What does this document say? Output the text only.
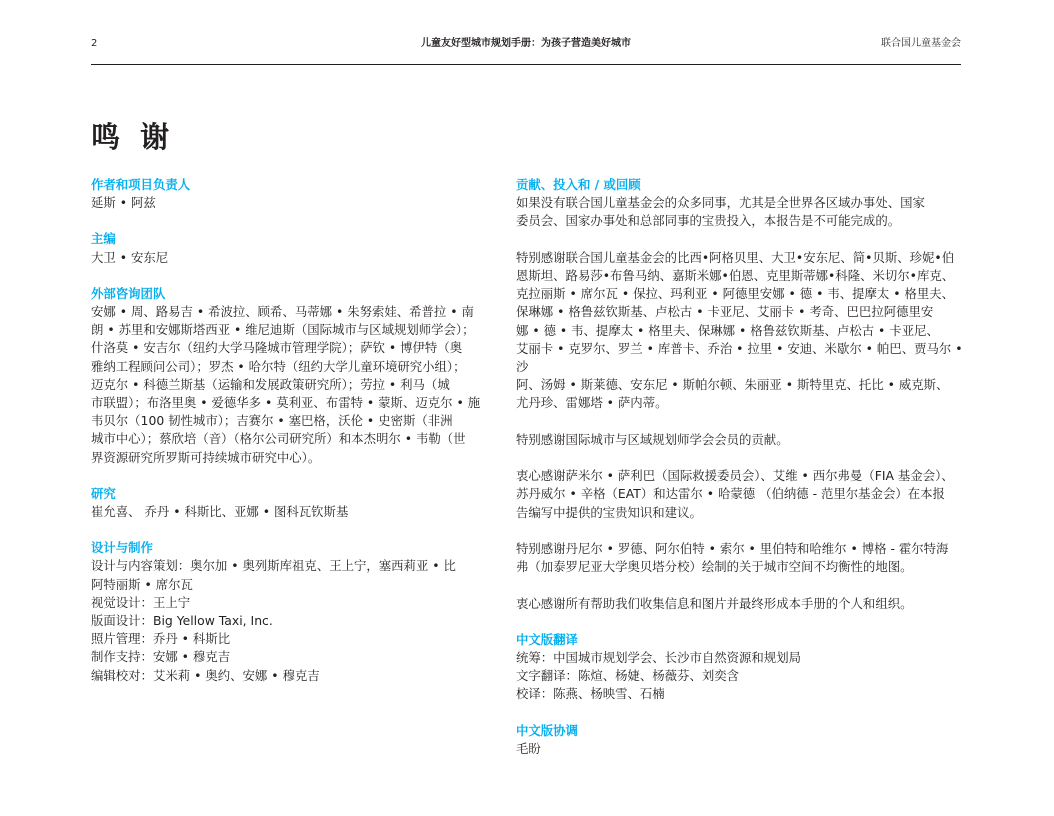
2	儿童友好型城市规划手册：为孩子营造美好城市	联合国儿童基金会
鸣 谢
作者和项目负责人

延斯 • 阿兹

主编

大卫 • 安东尼

外部咨询团队

安娜 • 周、路易吉 • 希波拉、顾希、马蒂娜 • 朱努索娃、希普拉 • 南

朗 • 苏里和安娜斯塔西亚 • 维尼迪斯（国际城市与区域规划师学会）；

什洛莫 • 安吉尔（纽约大学马隆城市管理学院）；萨钦 • 博伊特（奥

雅纳工程顾问公司）；罗杰 • 哈尔特（纽约大学儿童环境研究小组）；

迈克尔 • 科德兰斯基（运输和发展政策研究所）；劳拉 • 利马（城

市联盟）；布洛里奥 • 爱德华多 • 莫利亚、布雷特 • 蒙斯、迈克尔 • 施

韦贝尔（100 韧性城市）；吉赛尔 • 塞巴格，沃伦 • 史密斯（非洲

城市中心）；蔡欣培（音）（格尔公司研究所）和本杰明尔 • 韦勒（世

界资源研究所罗斯可持续城市研究中心）。

研究

崔允喜、 乔丹 • 科斯比、亚娜 • 图科瓦钦斯基

设计与制作

设计与内容策划：奥尔加 • 奥列斯库祖克、王上宁，塞西莉亚 • 比

阿特丽斯 • 席尔瓦

视觉设计：王上宁

版面设计：Big Yellow Taxi, Inc.

照片管理：乔丹 • 科斯比

制作支持：安娜 • 穆克吉

编辑校对：艾米莉 • 奥约、安娜 • 穆克吉

贡献、投入和 / 或回顾

如果没有联合国儿童基金会的众多同事，尤其是全世界各区域办事处、国家

委员会、国家办事处和总部同事的宝贵投入，本报告是不可能完成的。

特别感谢联合国儿童基金会的比西•阿格贝里、大卫•安东尼、简•贝斯、珍妮•伯

恩斯坦、路易莎•布鲁马纳、嘉斯米娜•伯恩、克里斯蒂娜•科隆、米切尔•库克、

克拉丽斯 • 席尔瓦 • 保拉、玛利亚 • 阿德里安娜 • 德 • 韦、提摩太 • 格里夫、

保琳娜 • 格鲁兹钦斯基、卢松古 • 卡亚尼、艾丽卡 • 考奇、巴巴拉阿德里安

娜 • 德 • 韦、提摩太 • 格里夫、保琳娜 • 格鲁兹钦斯基、卢松古 • 卡亚尼、

艾丽卡 • 克罗尔、罗兰 • 库普卡、乔治 • 拉里 • 安迪、米歇尔 • 帕巴、贾马尔 • 沙

阿、汤姆 • 斯莱德、安东尼 • 斯帕尔顿、朱丽亚 • 斯特里克、托比 • 威克斯、

尤丹珍、雷娜塔 • 萨内蒂。

特别感谢国际城市与区域规划师学会会员的贡献。

衷心感谢萨米尔 • 萨利巴（国际救援委员会）、艾维 • 西尔弗曼（FIA 基金会）、

苏丹威尔 • 辛格（EAT）和达雷尔 • 哈蒙德 （伯纳德 - 范里尔基金会）在本报

告编写中提供的宝贵知识和建议。

特别感谢丹尼尔 • 罗德、阿尔伯特 • 索尔 • 里伯特和哈维尔 • 博格 - 霍尔特海

弗（加泰罗尼亚大学奥贝塔分校）绘制的关于城市空间不均衡性的地图。

衷心感谢所有帮助我们收集信息和图片并最终形成本手册的个人和组织。

中文版翻译

统筹：中国城市规划学会、长沙市自然资源和规划局

文字翻译：陈煊、杨婕、杨薇芬、刘奕含

校译：陈燕、杨映雪、石楠

中文版协调

毛盼
